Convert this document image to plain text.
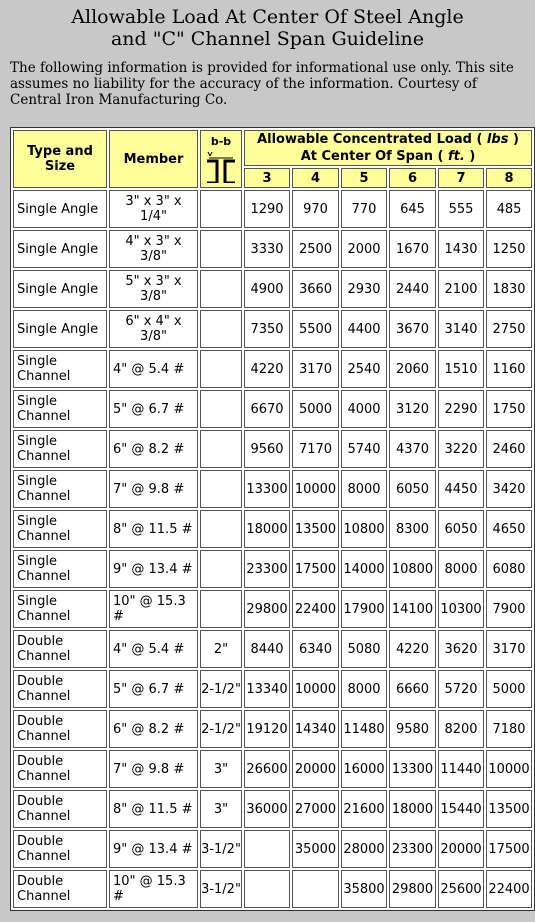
Allowable Load At Center Of Steel Angle
and "C" Channel Span Guideline
The following information is provided for informational use only. This site assumes no liability for the accuracy of the information. Courtesy of Central Iron Manufacturing Co.
Type and Size	Member	b-b	Allowable Concentrated Load ( lbs )
At Center Of Span ( ft. )					
			3	4	5	6	7	8
Single Angle	3" x 3" x 1/4"		1290	970	770	645	555	485
Single Angle	4" x 3" x 3/8"		3330	2500	2000	1670	1430	1250
Single Angle	5" x 3" x 3/8"		4900	3660	2930	2440	2100	1830
Single Angle	6" x 4" x 3/8"		7350	5500	4400	3670	3140	2750
Single Channel	4" @ 5.4 #		4220	3170	2540	2060	1510	1160
Single Channel	5" @ 6.7 #		6670	5000	4000	3120	2290	1750
Single Channel	6" @ 8.2 #		9560	7170	5740	4370	3220	2460
Single Channel	7" @ 9.8 #		13300	10000	8000	6050	4450	3420
Single Channel	8" @ 11.5 #		18000	13500	10800	8300	6050	4650
Single Channel	9" @ 13.4 #		23300	17500	14000	10800	8000	6080
Single Channel	10" @ 15.3 #		29800	22400	17900	14100	10300	7900
Double Channel	4" @ 5.4 #	2"	8440	6340	5080	4220	3620	3170
Double Channel	5" @ 6.7 #	2-1/2"	13340	10000	8000	6660	5720	5000
Double Channel	6" @ 8.2 #	2-1/2"	19120	14340	11480	9580	8200	7180
Double Channel	7" @ 9.8 #	3"	26600	20000	16000	13300	11440	10000
Double Channel	8" @ 11.5 #	3"	36000	27000	21600	18000	15440	13500
Double Channel	9" @ 13.4 #	3-1/2"		35000	28000	23300	20000	17500
Double Channel	10" @ 15.3 #	3-1/2"			35800	29800	25600	22400
